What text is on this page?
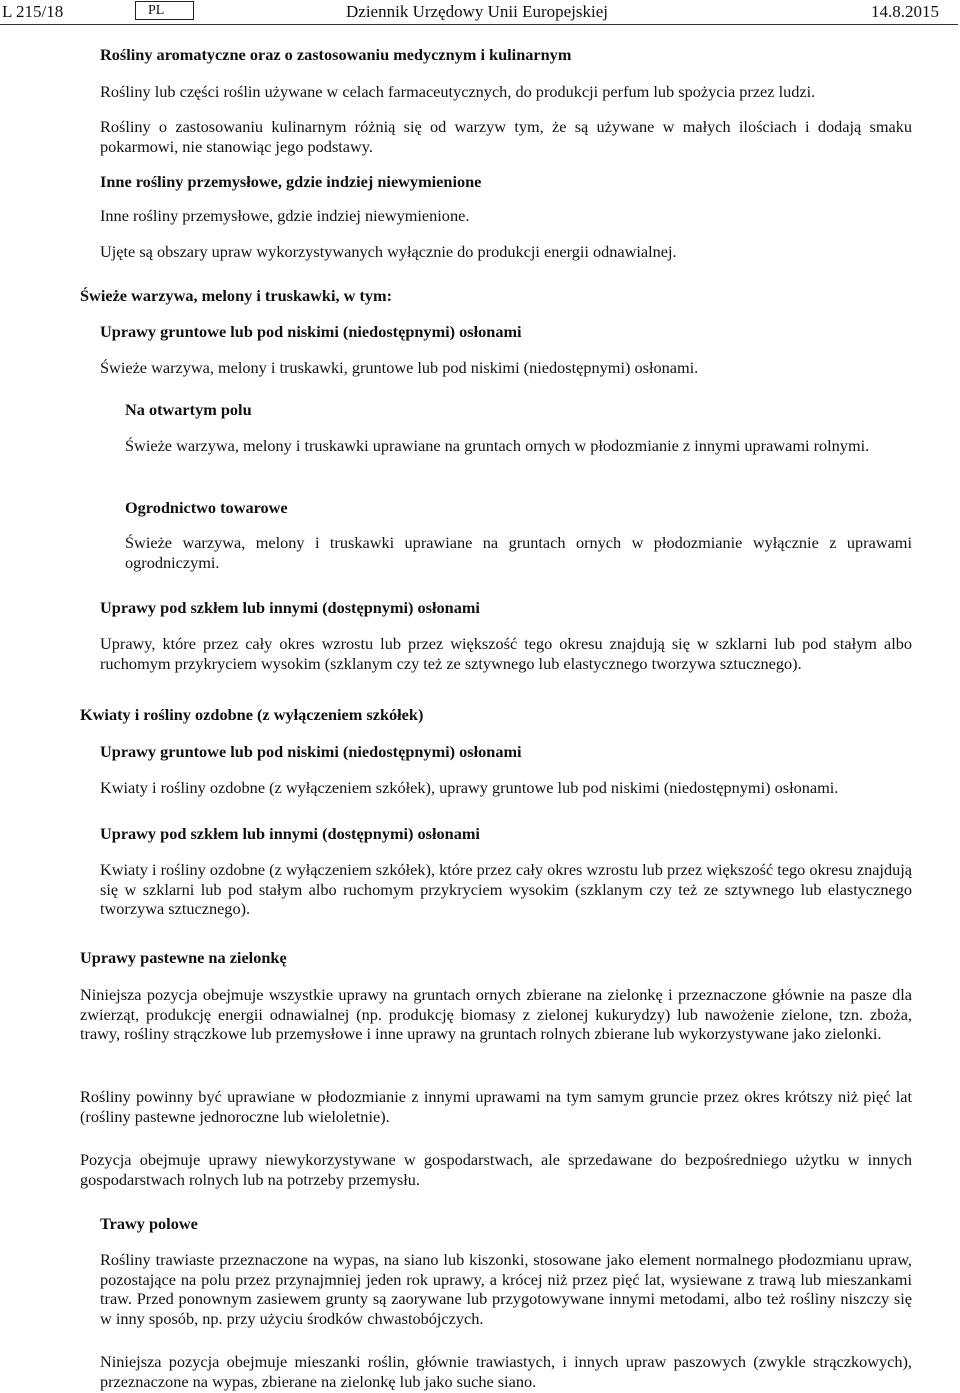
L 215/18	PL	Dziennik Urzędowy Unii Europejskiej	14.8.2015
Rośliny aromatyczne oraz o zastosowaniu medycznym i kulinarnym
Rośliny lub części roślin używane w celach farmaceutycznych, do produkcji perfum lub spożycia przez ludzi.
Rośliny o zastosowaniu kulinarnym różnią się od warzyw tym, że są używane w małych ilościach i dodają smaku pokarmowi, nie stanowiąc jego podstawy.
Inne rośliny przemysłowe, gdzie indziej niewymienione
Inne rośliny przemysłowe, gdzie indziej niewymienione.
Ujęte są obszary upraw wykorzystywanych wyłącznie do produkcji energii odnawialnej.
Świeże warzywa, melony i truskawki, w tym:
Uprawy gruntowe lub pod niskimi (niedostępnymi) osłonami
Świeże warzywa, melony i truskawki, gruntowe lub pod niskimi (niedostępnymi) osłonami.
Na otwartym polu
Świeże warzywa, melony i truskawki uprawiane na gruntach ornych w płodozmianie z innymi uprawami rolnymi.
Ogrodnictwo towarowe
Świeże warzywa, melony i truskawki uprawiane na gruntach ornych w płodozmianie wyłącznie z uprawami ogrodniczymi.
Uprawy pod szkłem lub innymi (dostępnymi) osłonami
Uprawy, które przez cały okres wzrostu lub przez większość tego okresu znajdują się w szklarni lub pod stałym albo ruchomym przykryciem wysokim (szklanym czy też ze sztywnego lub elastycznego tworzywa sztucznego).
Kwiaty i rośliny ozdobne (z wyłączeniem szkółek)
Uprawy gruntowe lub pod niskimi (niedostępnymi) osłonami
Kwiaty i rośliny ozdobne (z wyłączeniem szkółek), uprawy gruntowe lub pod niskimi (niedostępnymi) osłonami.
Uprawy pod szkłem lub innymi (dostępnymi) osłonami
Kwiaty i rośliny ozdobne (z wyłączeniem szkółek), które przez cały okres wzrostu lub przez większość tego okresu znajdują się w szklarni lub pod stałym albo ruchomym przykryciem wysokim (szklanym czy też ze sztywnego lub elastycznego tworzywa sztucznego).
Uprawy pastewne na zielonkę
Niniejsza pozycja obejmuje wszystkie uprawy na gruntach ornych zbierane na zielonkę i przeznaczone głównie na pasze dla zwierząt, produkcję energii odnawialnej (np. produkcję biomasy z zielonej kukurydzy) lub nawożenie zielone, tzn. zboża, trawy, rośliny strączkowe lub przemysłowe i inne uprawy na gruntach rolnych zbierane lub wykorzystywane jako zielonki.
Rośliny powinny być uprawiane w płodozmianie z innymi uprawami na tym samym gruncie przez okres krótszy niż pięć lat (rośliny pastewne jednoroczne lub wieloletnie).
Pozycja obejmuje uprawy niewykorzystywane w gospodarstwach, ale sprzedawane do bezpośredniego użytku w innych gospodarstwach rolnych lub na potrzeby przemysłu.
Trawy polowe
Rośliny trawiaste przeznaczone na wypas, na siano lub kiszonki, stosowane jako element normalnego płodozmianu upraw, pozostające na polu przez przynajmniej jeden rok uprawy, a krócej niż przez pięć lat, wysiewane z trawą lub mieszankami traw. Przed ponownym zasiewem grunty są zaorywane lub przygotowywane innymi metodami, albo też rośliny niszczy się w inny sposób, np. przy użyciu środków chwastobójczych.
Niniejsza pozycja obejmuje mieszanki roślin, głównie trawiastych, i innych upraw paszowych (zwykle strączkowych), przeznaczone na wypas, zbierane na zielonkę lub jako suche siano.
